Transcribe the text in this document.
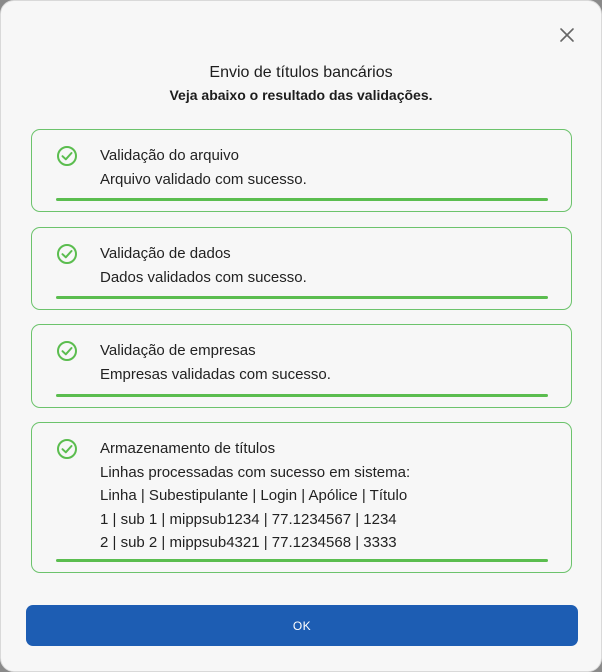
Envio de títulos bancários
Veja abaixo o resultado das validações.
Validação do arquivo
Arquivo validado com sucesso.
Validação de dados
Dados validados com sucesso.
Validação de empresas
Empresas validadas com sucesso.
Armazenamento de títulos
Linhas processadas com sucesso em sistema:
Linha | Subestipulante | Login | Apólice | Título
1 | sub 1 | mippsub1234 | 77.1234567 | 1234
2 | sub 2 | mippsub4321 | 77.1234568 | 3333
OK
